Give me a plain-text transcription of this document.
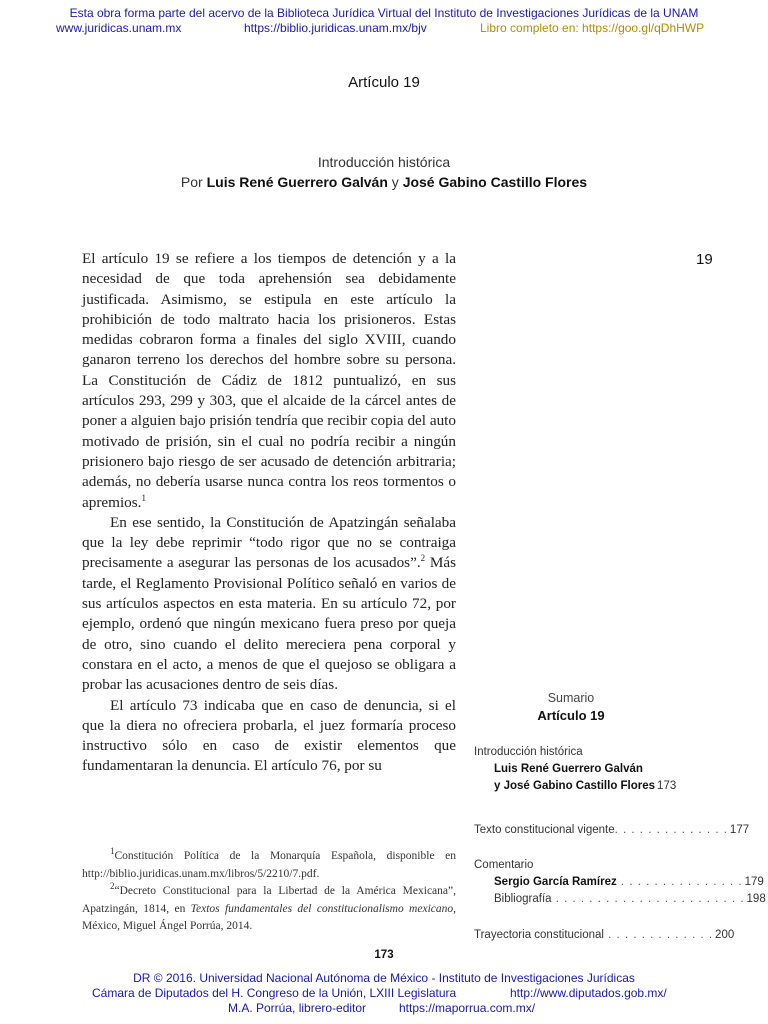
Esta obra forma parte del acervo de la Biblioteca Jurídica Virtual del Instituto de Investigaciones Jurídicas de la UNAM
www.juridicas.unam.mx	https://biblio.juridicas.unam.mx/bjv	Libro completo en: https://goo.gl/qDhHWP
Artículo 19
Introducción histórica
Por Luis René Guerrero Galván y José Gabino Castillo Flores
19

El artículo 19 se refiere a los tiempos de detención y a la necesidad de que toda aprehensión sea debidamente justificada. Asimismo, se estipula en este artículo la prohibición de todo maltrato hacia los prisioneros. Estas medidas cobraron forma a finales del siglo XVIII, cuando ganaron terreno los derechos del hombre sobre su persona. La Constitución de Cádiz de 1812 puntualizó, en sus artículos 293, 299 y 303, que el alcaide de la cárcel antes de poner a alguien bajo prisión tendría que recibir copia del auto motivado de prisión, sin el cual no podría recibir a ningún prisionero bajo riesgo de ser acusado de detención arbitraria; además, no debería usarse nunca contra los reos tormentos o apremios.$^1$

En ese sentido, la Constitución de Apatzingán señalaba que la ley debe reprimir “todo rigor que no se contraiga precisamente a asegurar las personas de los acusados”.$^2$ Más tarde, el Reglamento Provisional Político señaló en varios de sus artículos aspectos en esta materia. En su artículo 72, por ejemplo, ordenó que ningún mexicano fuera preso por queja de otro, sino cuando el delito mereciera pena corporal y constara en el acto, a menos de que el quejoso se obligara a probar las acusaciones dentro de seis días.

El artículo 73 indicaba que en caso de denuncia, si el que la diera no ofreciera probarla, el juez formaría proceso instructivo sólo en caso de existir elementos que fundamentaran la denuncia. El artículo 76, por su

$^1$Constitución Política de la Monarquía Española, disponible en http://biblio.juridicas.unam.mx/libros/5/2210/7.pdf.

$^2$“Decreto Constitucional para la Libertad de la América Mexicana”, Apatzingán, 1814, en Textos fundamentales del constitucionalismo mexicano, México, Miguel Ángel Porrúa, 2014.

Sumario
Artículo 19
Introducción histórica
Luis René Guerrero Galván
y José Gabino Castillo Flores 173
Texto constitucional vigente . . . . . . . . . . . . . . 177
Comentario
Sergio García Ramírez . . . . . . . . . . . . . . . 179
Bibliografía . . . . . . . . . . . . . . . . . . . . . . . 198
Trayectoria constitucional . . . . . . . . . . . . . 200
173
DR © 2016. Universidad Nacional Autónoma de México - Instituto de Investigaciones Jurídicas
Cámara de Diputados del H. Congreso de la Unión, LXIII Legislatura	http://www.diputados.gob.mx/
M.A. Porrúa, librero-editor	https://maporrua.com.mx/
